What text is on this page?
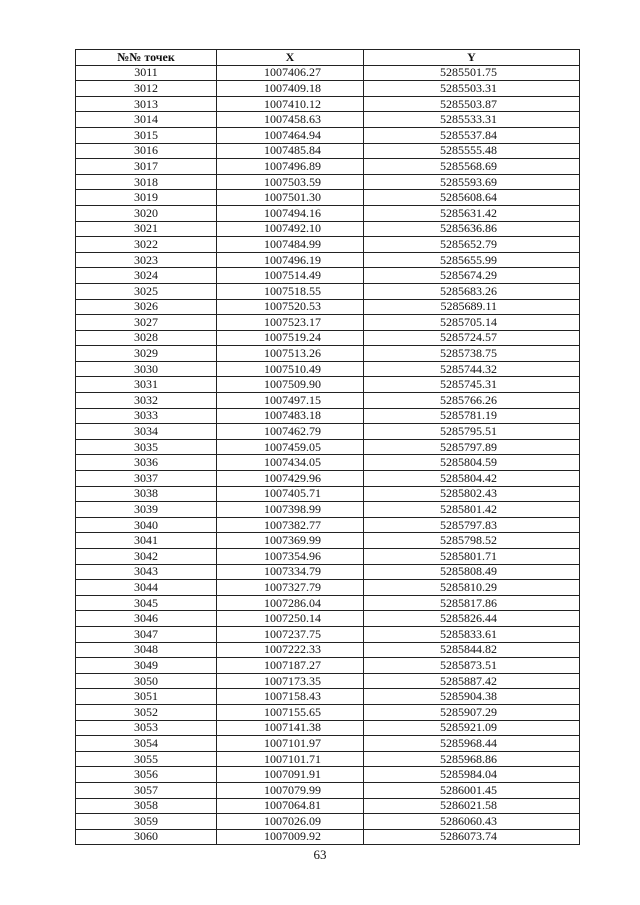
№№ точек	X	Y
3011	1007406.27	5285501.75
3012	1007409.18	5285503.31
3013	1007410.12	5285503.87
3014	1007458.63	5285533.31
3015	1007464.94	5285537.84
3016	1007485.84	5285555.48
3017	1007496.89	5285568.69
3018	1007503.59	5285593.69
3019	1007501.30	5285608.64
3020	1007494.16	5285631.42
3021	1007492.10	5285636.86
3022	1007484.99	5285652.79
3023	1007496.19	5285655.99
3024	1007514.49	5285674.29
3025	1007518.55	5285683.26
3026	1007520.53	5285689.11
3027	1007523.17	5285705.14
3028	1007519.24	5285724.57
3029	1007513.26	5285738.75
3030	1007510.49	5285744.32
3031	1007509.90	5285745.31
3032	1007497.15	5285766.26
3033	1007483.18	5285781.19
3034	1007462.79	5285795.51
3035	1007459.05	5285797.89
3036	1007434.05	5285804.59
3037	1007429.96	5285804.42
3038	1007405.71	5285802.43
3039	1007398.99	5285801.42
3040	1007382.77	5285797.83
3041	1007369.99	5285798.52
3042	1007354.96	5285801.71
3043	1007334.79	5285808.49
3044	1007327.79	5285810.29
3045	1007286.04	5285817.86
3046	1007250.14	5285826.44
3047	1007237.75	5285833.61
3048	1007222.33	5285844.82
3049	1007187.27	5285873.51
3050	1007173.35	5285887.42
3051	1007158.43	5285904.38
3052	1007155.65	5285907.29
3053	1007141.38	5285921.09
3054	1007101.97	5285968.44
3055	1007101.71	5285968.86
3056	1007091.91	5285984.04
3057	1007079.99	5286001.45
3058	1007064.81	5286021.58
3059	1007026.09	5286060.43
3060	1007009.92	5286073.74
63
